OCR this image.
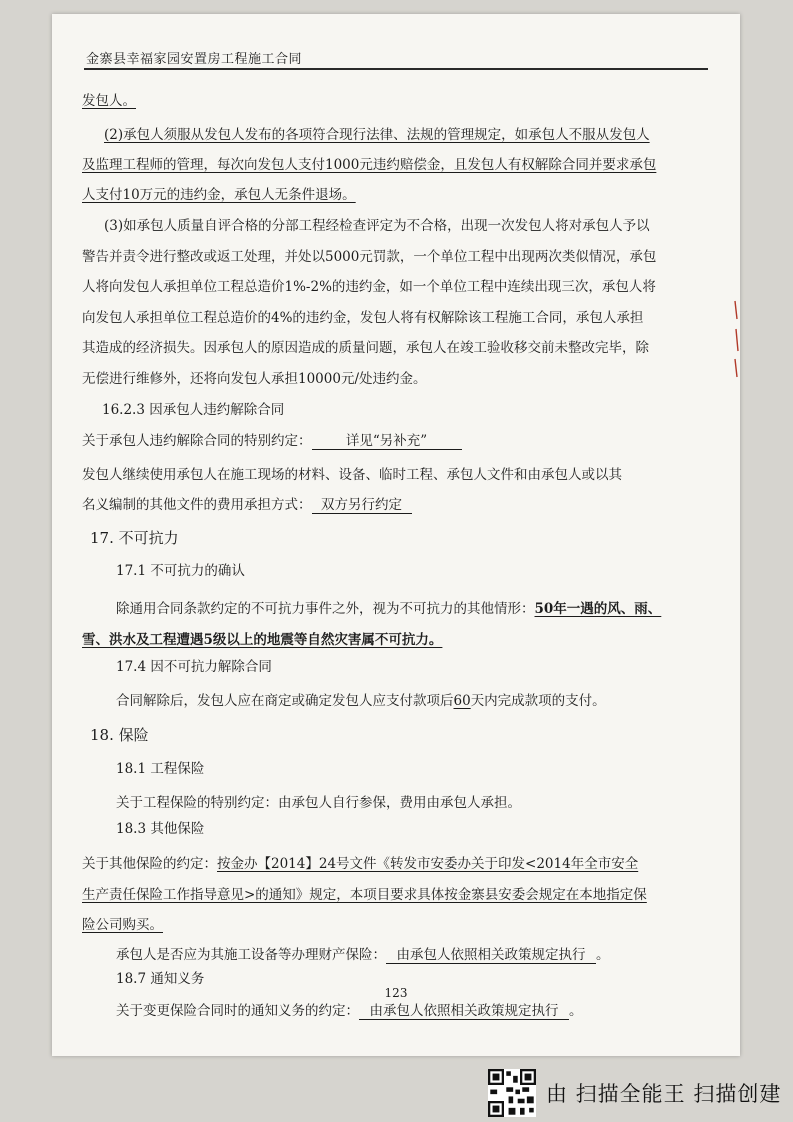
金寨县幸福家园安置房工程施工合同
发包人。
(2)承包人须服从发包人发布的各项符合现行法律、法规的管理规定，如承包人不服从发包人
及监理工程师的管理，每次向发包人支付1000元违约赔偿金，且发包人有权解除合同并要求承包
人支付10万元的违约金，承包人无条件退场。
(3)如承包人质量自评合格的分部工程经检查评定为不合格，出现一次发包人将对承包人予以
警告并责令进行整改或返工处理，并处以5000元罚款，一个单位工程中出现两次类似情况，承包
人将向发包人承担单位工程总造价1%-2%的违约金，如一个单位工程中连续出现三次，承包人将
向发包人承担单位工程总造价的4%的违约金，发包人将有权解除该工程施工合同，承包人承担
其造成的经济损失。因承包人的原因造成的质量问题，承包人在竣工验收移交前未整改完毕，除
无偿进行维修外，还将向发包人承担10000元/处违约金。
16.2.3 因承包人违约解除合同
关于承包人违约解除合同的特别约定：	详见“另补充”
发包人继续使用承包人在施工现场的材料、设备、临时工程、承包人文件和由承包人或以其
名义编制的其他文件的费用承担方式： 双方另行约定
17. 不可抗力
17.1 不可抗力的确认
除通用合同条款约定的不可抗力事件之外，视为不可抗力的其他情形：50年一遇的风、雨、
雪、洪水及工程遭遇5级以上的地震等自然灾害属不可抗力。
17.4 因不可抗力解除合同
合同解除后，发包人应在商定或确定发包人应支付款项后60天内完成款项的支付。
18. 保险
18.1 工程保险
关于工程保险的特别约定：由承包人自行参保，费用由承包人承担。
18.3 其他保险
关于其他保险的约定：按金办【2014】24号文件《转发市安委办关于印发<2014年全市安全
生产责任保险工作指导意见>的通知》规定，本项目要求具体按金寨县安委会规定在本地指定保
险公司购买。
承包人是否应为其施工设备等办理财产保险： 由承包人依照相关政策规定执行 。
18.7 通知义务
关于变更保险合同时的通知义务的约定： 由承包人依照相关政策规定执行 。
123
由 扫描全能王 扫描创建
